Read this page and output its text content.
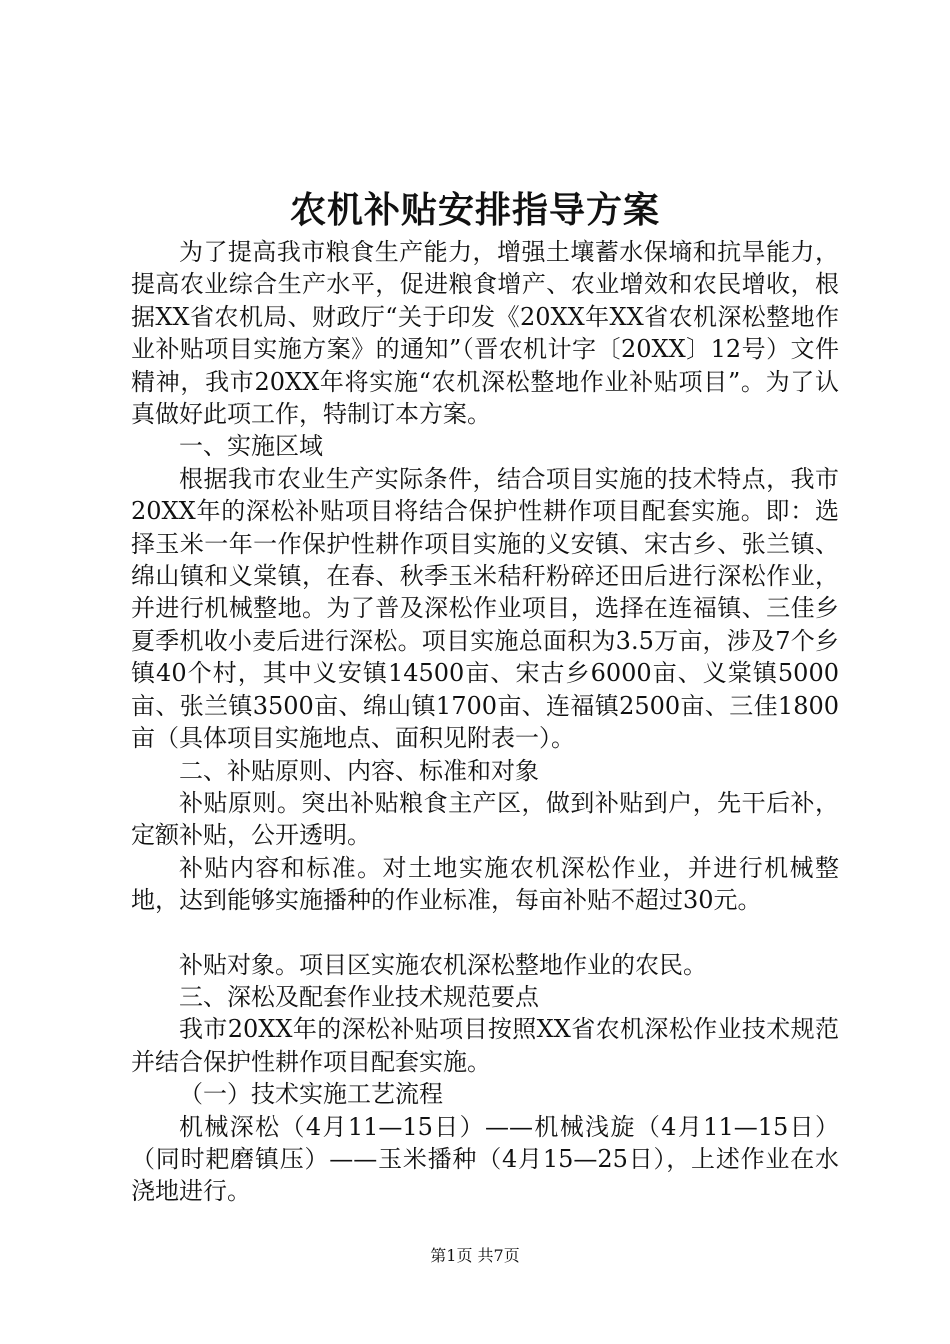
农机补贴安排指导方案

为了提高我市粮食生产能力，增强土壤蓄水保墒和抗旱能力，提高农业综合生产水平，促进粮食增产、农业增效和农民增收，根据XX省农机局、财政厅“关于印发《20XX年XX省农机深松整地作业补贴项目实施方案》的通知”（晋农机计字〔20XX〕12号）文件精神，我市20XX年将实施“农机深松整地作业补贴项目”。为了认真做好此项工作，特制订本方案。

一、实施区域

根据我市农业生产实际条件，结合项目实施的技术特点，我市20XX年的深松补贴项目将结合保护性耕作项目配套实施。即：选择玉米一年一作保护性耕作项目实施的义安镇、宋古乡、张兰镇、绵山镇和义棠镇，在春、秋季玉米秸秆粉碎还田后进行深松作业，并进行机械整地。为了普及深松作业项目，选择在连福镇、三佳乡夏季机收小麦后进行深松。项目实施总面积为3.5万亩，涉及7个乡镇40个村，其中义安镇14500亩、宋古乡6000亩、义棠镇5000亩、张兰镇3500亩、绵山镇1700亩、连福镇2500亩、三佳1800亩（具体项目实施地点、面积见附表一）。

二、补贴原则、内容、标准和对象

补贴原则。突出补贴粮食主产区，做到补贴到户，先干后补，定额补贴，公开透明。

补贴内容和标准。对土地实施农机深松作业，并进行机械整地，达到能够实施播种的作业标准，每亩补贴不超过30元。

补贴对象。项目区实施农机深松整地作业的农民。

三、深松及配套作业技术规范要点

我市20XX年的深松补贴项目按照XX省农机深松作业技术规范并结合保护性耕作项目配套实施。

（一）技术实施工艺流程

机械深松（4月11—15日）——机械浅旋（4月11—15日）（同时耙磨镇压）——玉米播种（4月15—25日），上述作业在水浇地进行。

第1页 共7页
